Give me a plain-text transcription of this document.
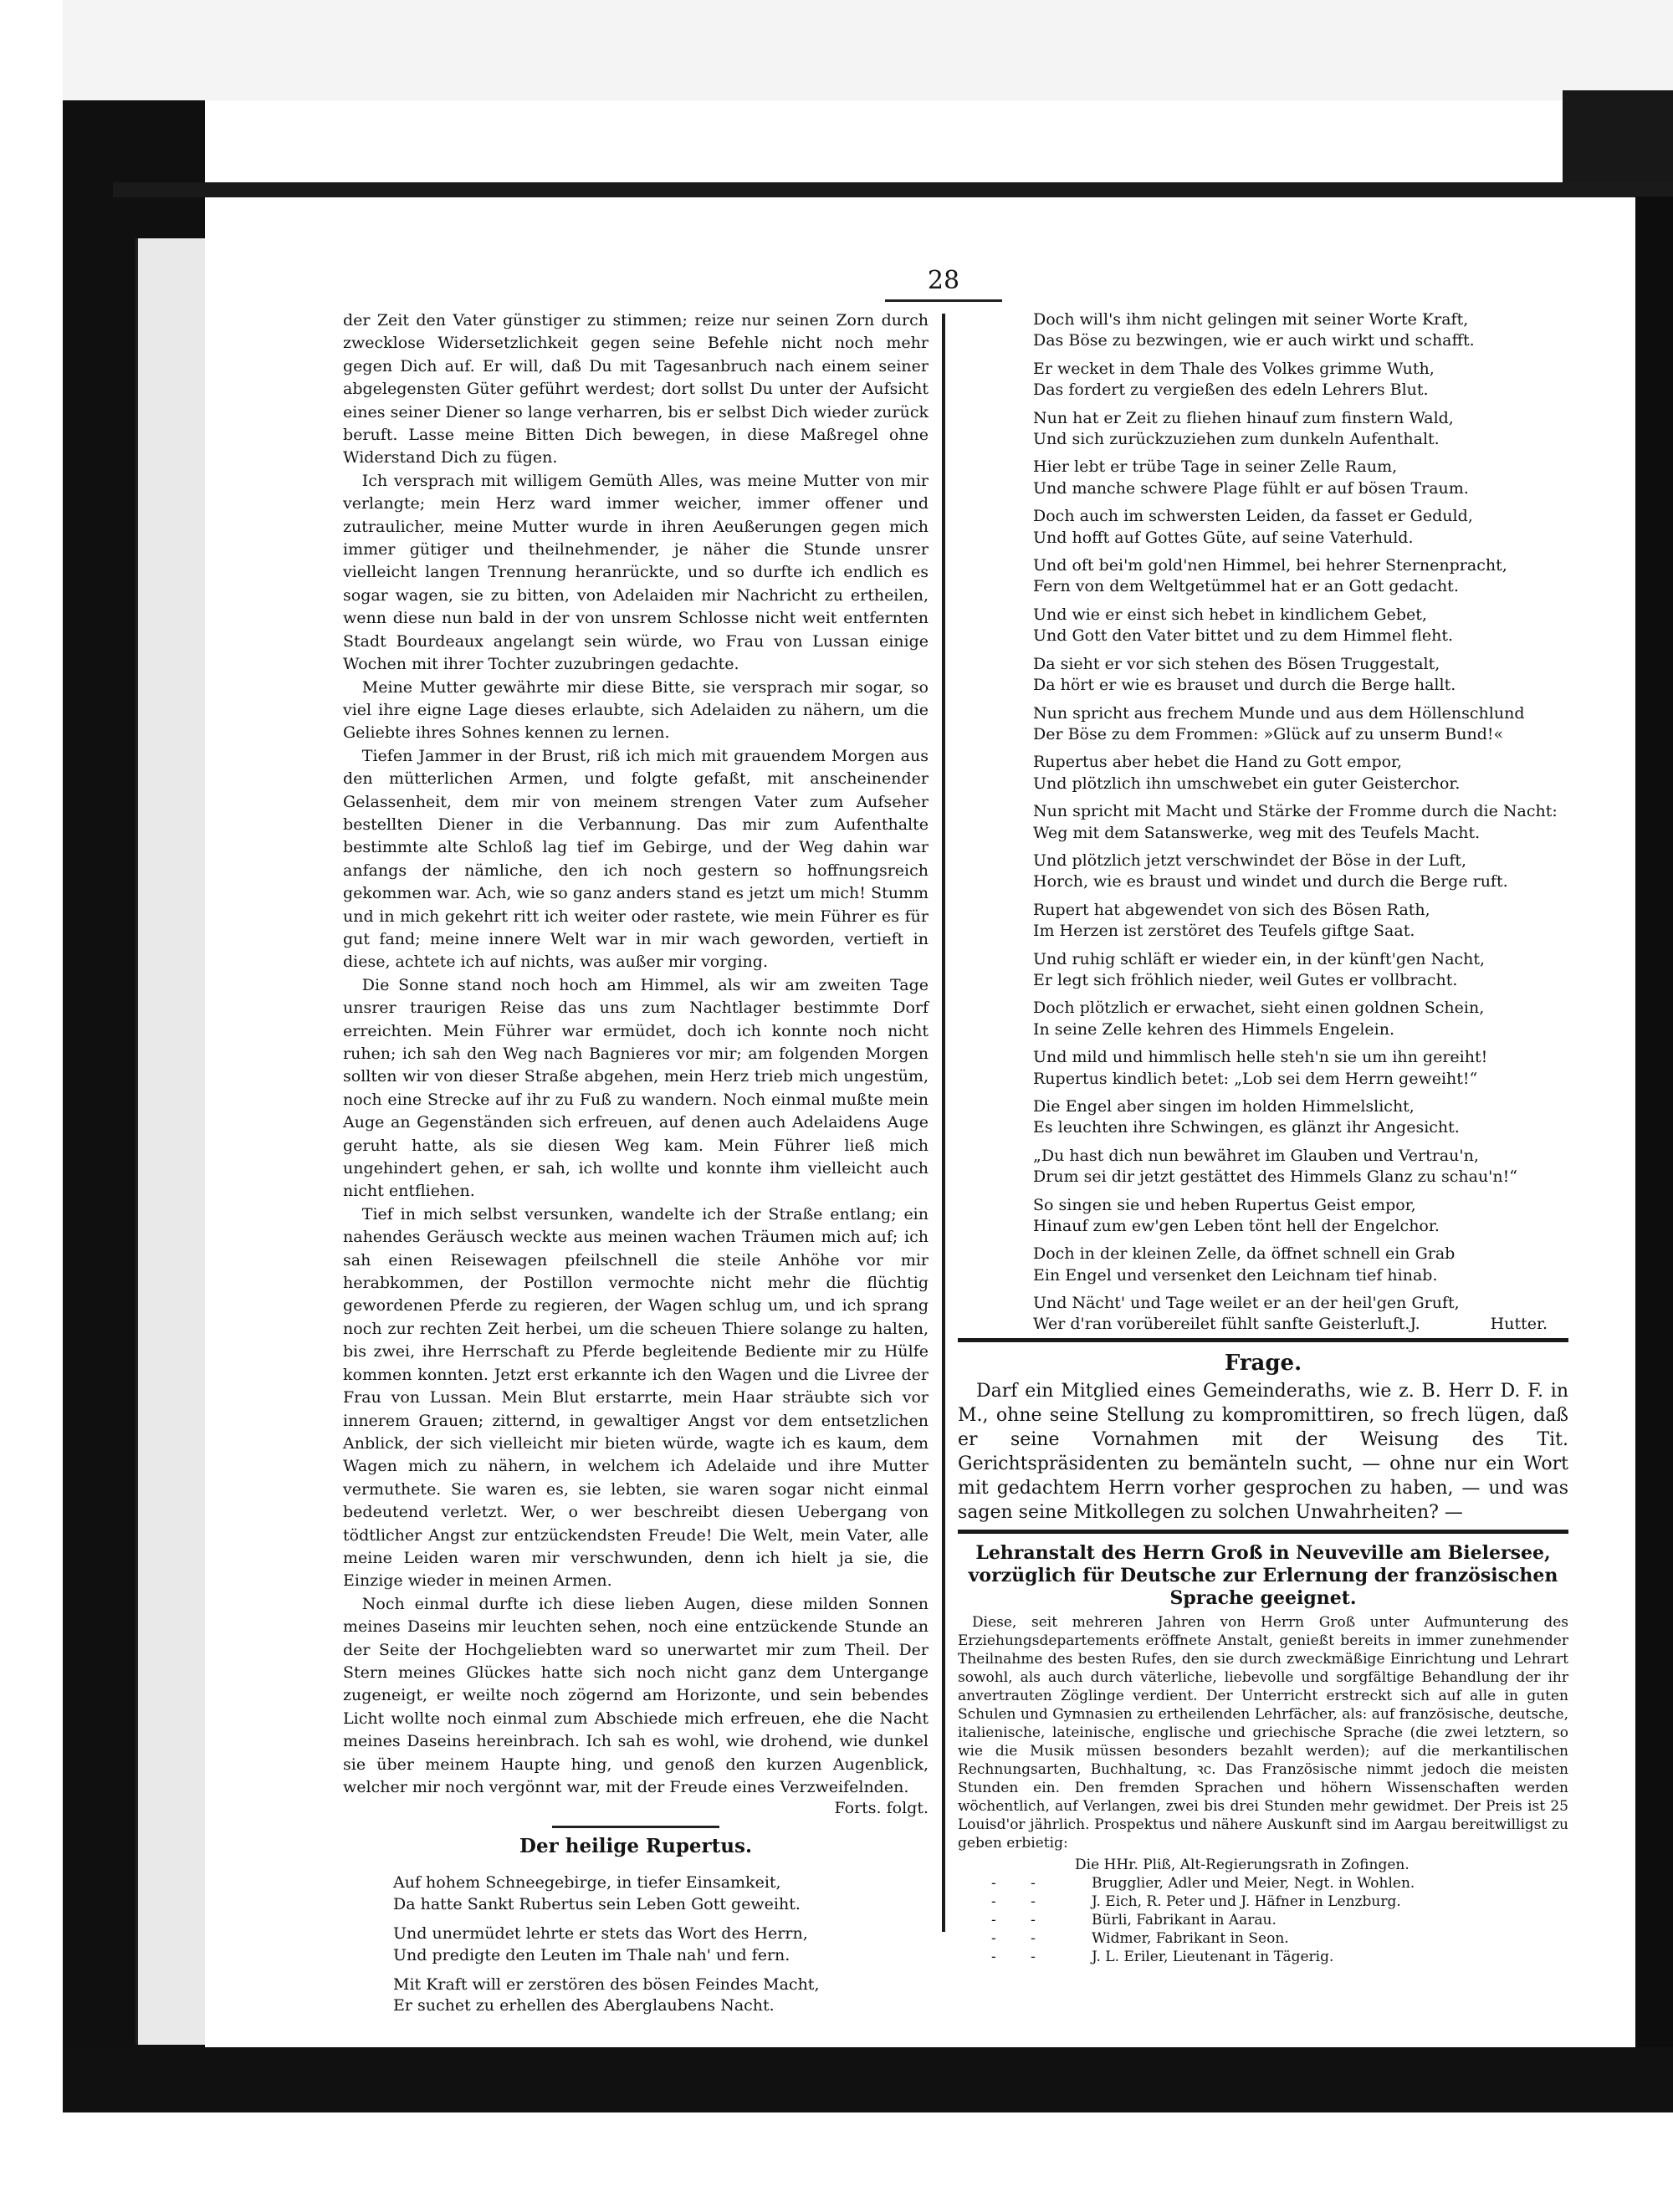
28

der Zeit den Vater günstiger zu stimmen; reize nur seinen Zorn durch zwecklose Widersetzlichkeit gegen seine Befehle nicht noch mehr gegen Dich auf. Er will, daß Du mit Tagesanbruch nach einem seiner abgelegensten Güter geführt werdest; dort sollst Du unter der Aufsicht eines seiner Diener so lange verharren, bis er selbst Dich wieder zurück beruft. Lasse meine Bitten Dich bewegen, in diese Maßregel ohne Widerstand Dich zu fügen.

Ich versprach mit willigem Gemüth Alles, was meine Mutter von mir verlangte; mein Herz ward immer weicher, immer offener und zutraulicher, meine Mutter wurde in ihren Aeußerungen gegen mich immer gütiger und theilnehmender, je näher die Stunde unsrer vielleicht langen Trennung heranrückte, und so durfte ich endlich es sogar wagen, sie zu bitten, von Adelaiden mir Nachricht zu ertheilen, wenn diese nun bald in der von unsrem Schlosse nicht weit entfernten Stadt Bourdeaux angelangt sein würde, wo Frau von Lussan einige Wochen mit ihrer Tochter zuzubringen gedachte.

Meine Mutter gewährte mir diese Bitte, sie versprach mir sogar, so viel ihre eigne Lage dieses erlaubte, sich Adelaiden zu nähern, um die Geliebte ihres Sohnes kennen zu lernen.

Tiefen Jammer in der Brust, riß ich mich mit grauendem Morgen aus den mütterlichen Armen, und folgte gefaßt, mit anscheinender Gelassenheit, dem mir von meinem strengen Vater zum Aufseher bestellten Diener in die Verbannung. Das mir zum Aufenthalte bestimmte alte Schloß lag tief im Gebirge, und der Weg dahin war anfangs der nämliche, den ich noch gestern so hoffnungsreich gekommen war. Ach, wie so ganz anders stand es jetzt um mich! Stumm und in mich gekehrt ritt ich weiter oder rastete, wie mein Führer es für gut fand; meine innere Welt war in mir wach geworden, vertieft in diese, achtete ich auf nichts, was außer mir vorging.

Die Sonne stand noch hoch am Himmel, als wir am zweiten Tage unsrer traurigen Reise das uns zum Nachtlager bestimmte Dorf erreichten. Mein Führer war ermüdet, doch ich konnte noch nicht ruhen; ich sah den Weg nach Bagnieres vor mir; am folgenden Morgen sollten wir von dieser Straße abgehen, mein Herz trieb mich ungestüm, noch eine Strecke auf ihr zu Fuß zu wandern. Noch einmal mußte mein Auge an Gegenständen sich erfreuen, auf denen auch Adelaidens Auge geruht hatte, als sie diesen Weg kam. Mein Führer ließ mich ungehindert gehen, er sah, ich wollte und konnte ihm vielleicht auch nicht entfliehen.

Tief in mich selbst versunken, wandelte ich der Straße entlang; ein nahendes Geräusch weckte aus meinen wachen Träumen mich auf; ich sah einen Reisewagen pfeilschnell die steile Anhöhe vor mir herabkommen, der Postillon vermochte nicht mehr die flüchtig gewordenen Pferde zu regieren, der Wagen schlug um, und ich sprang noch zur rechten Zeit herbei, um die scheuen Thiere solange zu halten, bis zwei, ihre Herrschaft zu Pferde begleitende Bediente mir zu Hülfe kommen konnten. Jetzt erst erkannte ich den Wagen und die Livree der Frau von Lussan. Mein Blut erstarrte, mein Haar sträubte sich vor innerem Grauen; zitternd, in gewaltiger Angst vor dem entsetzlichen Anblick, der sich vielleicht mir bieten würde, wagte ich es kaum, dem Wagen mich zu nähern, in welchem ich Adelaide und ihre Mutter vermuthete. Sie waren es, sie lebten, sie waren sogar nicht einmal bedeutend verletzt. Wer, o wer beschreibt diesen Uebergang von tödtlicher Angst zur entzückendsten Freude! Die Welt, mein Vater, alle meine Leiden waren mir verschwunden, denn ich hielt ja sie, die Einzige wieder in meinen Armen.

Noch einmal durfte ich diese lieben Augen, diese milden Sonnen meines Daseins mir leuchten sehen, noch eine entzückende Stunde an der Seite der Hochgeliebten ward so unerwartet mir zum Theil. Der Stern meines Glückes hatte sich noch nicht ganz dem Untergange zugeneigt, er weilte noch zögernd am Horizonte, und sein bebendes Licht wollte noch einmal zum Abschiede mich erfreuen, ehe die Nacht meines Daseins hereinbrach. Ich sah es wohl, wie drohend, wie dunkel sie über meinem Haupte hing, und genoß den kurzen Augenblick, welcher mir noch vergönnt war, mit der Freude eines Verzweifelnden.

Forts. folgt.
Der heilige Rupertus.
Auf hohem Schneegebirge, in tiefer Einsamkeit,
Da hatte Sankt Rubertus sein Leben Gott geweiht.
Und unermüdet lehrte er stets das Wort des Herrn,
Und predigte den Leuten im Thale nah' und fern.
Mit Kraft will er zerstören des bösen Feindes Macht,
Er suchet zu erhellen des Aberglaubens Nacht.
Doch will's ihm nicht gelingen mit seiner Worte Kraft,
Das Böse zu bezwingen, wie er auch wirkt und schafft.
Er wecket in dem Thale des Volkes grimme Wuth,
Das fordert zu vergießen des edeln Lehrers Blut.
Nun hat er Zeit zu fliehen hinauf zum finstern Wald,
Und sich zurückzuziehen zum dunkeln Aufenthalt.
Hier lebt er trübe Tage in seiner Zelle Raum,
Und manche schwere Plage fühlt er auf bösen Traum.
Doch auch im schwersten Leiden, da fasset er Geduld,
Und hofft auf Gottes Güte, auf seine Vaterhuld.
Und oft bei'm gold'nen Himmel, bei hehrer Sternenpracht,
Fern von dem Weltgetümmel hat er an Gott gedacht.
Und wie er einst sich hebet in kindlichem Gebet,
Und Gott den Vater bittet und zu dem Himmel fleht.
Da sieht er vor sich stehen des Bösen Truggestalt,
Da hört er wie es brauset und durch die Berge hallt.
Nun spricht aus frechem Munde und aus dem Höllenschlund
Der Böse zu dem Frommen: »Glück auf zu unserm Bund!«
Rupertus aber hebet die Hand zu Gott empor,
Und plötzlich ihn umschwebet ein guter Geisterchor.
Nun spricht mit Macht und Stärke der Fromme durch die Nacht:
Weg mit dem Satanswerke, weg mit des Teufels Macht.
Und plötzlich jetzt verschwindet der Böse in der Luft,
Horch, wie es braust und windet und durch die Berge ruft.
Rupert hat abgewendet von sich des Bösen Rath,
Im Herzen ist zerstöret des Teufels giftge Saat.
Und ruhig schläft er wieder ein, in der künft'gen Nacht,
Er legt sich fröhlich nieder, weil Gutes er vollbracht.
Doch plötzlich er erwachet, sieht einen goldnen Schein,
In seine Zelle kehren des Himmels Engelein.
Und mild und himmlisch helle steh'n sie um ihn gereiht!
Rupertus kindlich betet: „Lob sei dem Herrn geweiht!“
Die Engel aber singen im holden Himmelslicht,
Es leuchten ihre Schwingen, es glänzt ihr Angesicht.
„Du hast dich nun bewähret im Glauben und Vertrau'n,
Drum sei dir jetzt gestättet des Himmels Glanz zu schau'n!“
So singen sie und heben Rupertus Geist empor,
Hinauf zum ew'gen Leben tönt hell der Engelchor.
Doch in der kleinen Zelle, da öffnet schnell ein Grab
Ein Engel und versenket den Leichnam tief hinab.
Und Nächt' und Tage weilet er an der heil'gen Gruft,
Wer d'ran vorübereilet fühlt sanfte Geisterluft.J.	Hutter.
Frage.

Darf ein Mitglied eines Gemeinderaths, wie z. B. Herr D. F. in M., ohne seine Stellung zu kompromittiren, so frech lügen, daß er seine Vornahmen mit der Weisung des Tit. Gerichtspräsidenten zu bemänteln sucht, — ohne nur ein Wort mit gedachtem Herrn vorher gesprochen zu haben, — und was sagen seine Mitkollegen zu solchen Unwahrheiten? —

Lehranstalt des Herrn Groß in Neuveville am Bielersee, vorzüglich für Deutsche zur Erlernung der französischen Sprache geeignet.

Diese, seit mehreren Jahren von Herrn Groß unter Aufmunterung des Erziehungsdepartements eröffnete Anstalt, genießt bereits in immer zunehmender Theilnahme des besten Rufes, den sie durch zweckmäßige Einrichtung und Lehrart sowohl, als auch durch väterliche, liebevolle und sorgfältige Behandlung der ihr anvertrauten Zöglinge verdient. Der Unterricht erstreckt sich auf alle in guten Schulen und Gymnasien zu ertheilenden Lehrfächer, als: auf französische, deutsche, italienische, lateinische, englische und griechische Sprache (die zwei letztern, so wie die Musik müssen besonders bezahlt werden); auf die merkantilischen Rechnungsarten, Buchhaltung, ꝛc. Das Französische nimmt jedoch die meisten Stunden ein. Den fremden Sprachen und höhern Wissenschaften werden wöchentlich, auf Verlangen, zwei bis drei Stunden mehr gewidmet. Der Preis ist 25 Louisd'or jährlich. Prospektus und nähere Auskunft sind im Aargau bereitwilligst zu geben erbietig:

Die HHr. Pliß, Alt-Regierungsrath in Zofingen.
- -	Brugglier, Adler und Meier, Negt. in Wohlen.
- -	J. Eich, R. Peter und J. Häfner in Lenzburg.
- -	Bürli, Fabrikant in Aarau.
- -	Widmer, Fabrikant in Seon.
- -	J. L. Eriler, Lieutenant in Tägerig.
